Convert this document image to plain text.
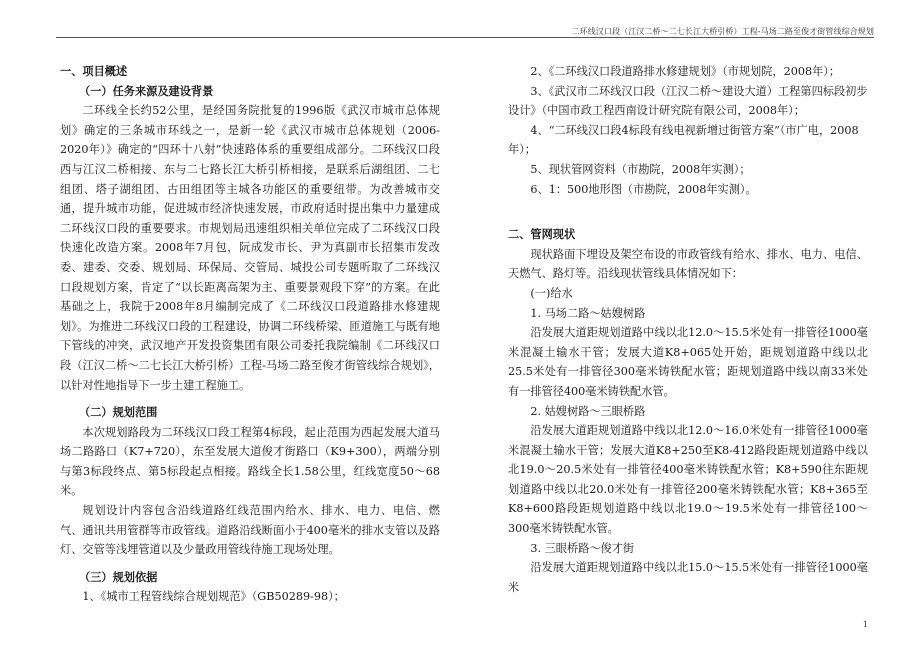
二环线汉口段（江汉二桥～二七长江大桥引桥）工程-马场二路至俊才街管线综合规划

一、项目概述

（一）任务来源及建设背景

二环线全长约52公里，是经国务院批复的1996版《武汉市城市总体规划》确定的三条城市环线之一，是新一轮《武汉市城市总体规划（2006-2020年）》确定的“四环十八射”快速路体系的重要组成部分。二环线汉口段西与江汉二桥相接、东与二七路长江大桥引桥相接，是联系后湖组团、二七组团、塔子湖组团、古田组团等主城各功能区的重要纽带。为改善城市交通，提升城市功能，促进城市经济快速发展，市政府适时提出集中力量建成二环线汉口段的重要要求。市规划局迅速组织相关单位完成了二环线汉口段快速化改造方案。2008年7月包，阮成发市长、尹为真副市长招集市发改委、建委、交委、规划局、环保局、交管局、城投公司专题听取了二环线汉口段规划方案，肯定了“以长距离高架为主、重要景观段下穿”的方案。在此基础之上，我院于2008年8月编制完成了《二环线汉口段道路排水修建规划》。为推进二环线汉口段的工程建设，协调二环线桥梁、匝道施工与既有地下管线的冲突，武汉地产开发投资集团有限公司委托我院编制《二环线汉口段（江汉二桥～二七长江大桥引桥）工程-马场二路至俊才街管线综合规划》，以针对性地指导下一步土建工程施工。

（二）规划范围

本次规划路段为二环线汉口段工程第4标段，起止范围为西起发展大道马场二路路口（K7+720），东至发展大道俊才街路口（K9+300），两端分别与第3标段终点、第5标段起点相接。路线全长1.58公里，红线宽度50～68米。

规划设计内容包含沿线道路红线范围内给水、排水、电力、电信、燃气、通讯共用管群等市政管线。道路沿线断面小于400毫米的排水支管以及路灯、交管等浅埋管道以及少量政用管线待施工现场处理。

（三）规划依据

1、《城市工程管线综合规划规范》（GB50289-98）；

2、《二环线汉口段道路排水修建规划》（市规划院，2008年）；

3、《武汉市二环线汉口段（江汉二桥～建设大道）工程第四标段初步设计》（中国市政工程西南设计研究院有限公司，2008年）；

4、“二环线汉口段4标段有线电视新增过街管方案”（市广电，2008年）；

5、现状管网资料（市勘院，2008年实测）；

6、1：500地形图（市勘院，2008年实测）。

二、管网现状

现状路面下埋设及架空布设的市政管线有给水、排水、电力、电信、天燃气、路灯等。沿线现状管线具体情况如下：

(一)给水

1. 马场二路～姑嫂树路

沿发展大道距规划道路中线以北12.0～15.5米处有一排管径1000毫米混凝土输水干管；发展大道K8+065处开始，距规划道路中线以北25.5米处有一排管径300毫米铸铁配水管；距规划道路中线以南33米处有一排管径400毫米铸铁配水管。

2. 姑嫂树路～三眼桥路

沿发展大道距规划道路中线以北12.0～16.0米处有一排管径1000毫米混凝土输水干管；发展大道K8+250至K8-412路段距规划道路中线以北19.0～20.5米处有一排管径400毫米铸铁配水管；K8+590往东距规划道路中线以北20.0米处有一排管径200毫米铸铁配水管；K8+365至K8+600路段距规划道路中线以北19.0～19.5米处有一排管径100～300毫米铸铁配水管。

3. 三眼桥路～俊才街

沿发展大道距规划道路中线以北15.0～15.5米处有一排管径1000毫米

1
